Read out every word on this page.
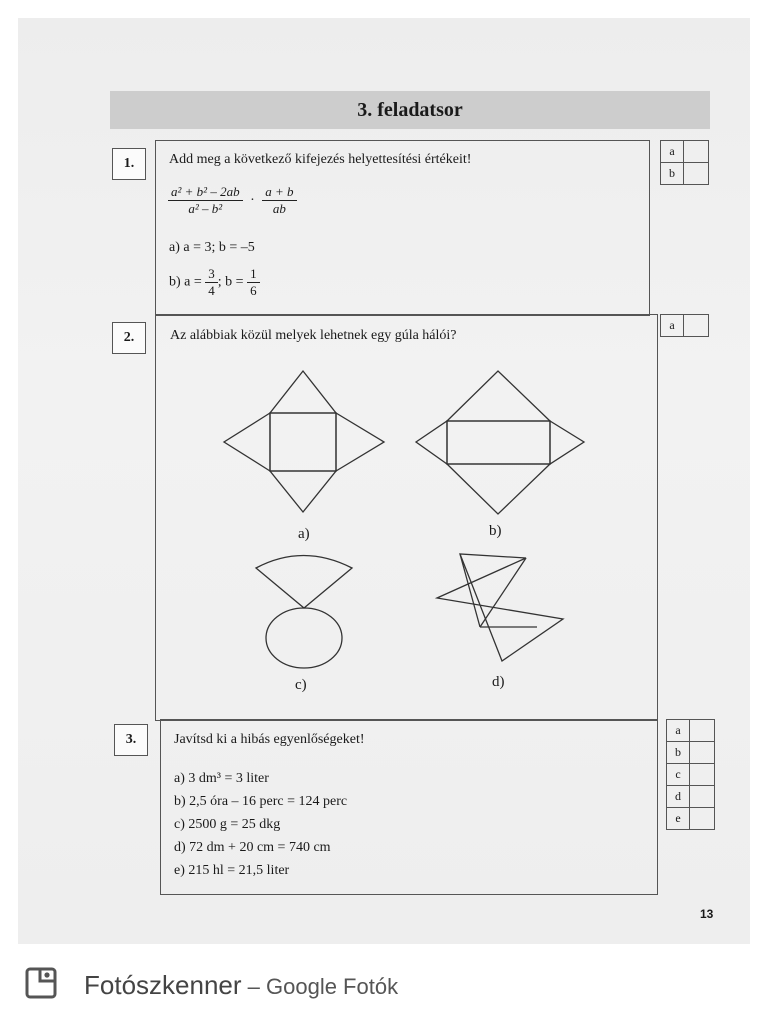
3. feladatsor
1.	Add meg a következő kifejezés helyettesítési értékeit!
$\frac{\text{a² + b² – 2ab}}{\text{a² – b²}} \cdot \frac{a + b}{ab}$
a) a = 3; b = –5
b) $a = \frac{3}{4}$ ; $b = \frac{1}{6}$
a	
b	
2.	Az alábbiak közül melyek lehetnek egy gúla hálói?
a	
a)	b)
c)	d)
3.	Javítsd ki a hibás egyenlőségeket!
a) 3 dm³ = 3 liter
b) 2,5 óra – 16 perc = 124 perc
c) 2500 g = 25 dkg
d) 72 dm + 20 cm = 740 cm
e) 215 hl = 21,5 liter
a	
b	
c	
d	
e	
13
Fotószkenner – Google Fotók
